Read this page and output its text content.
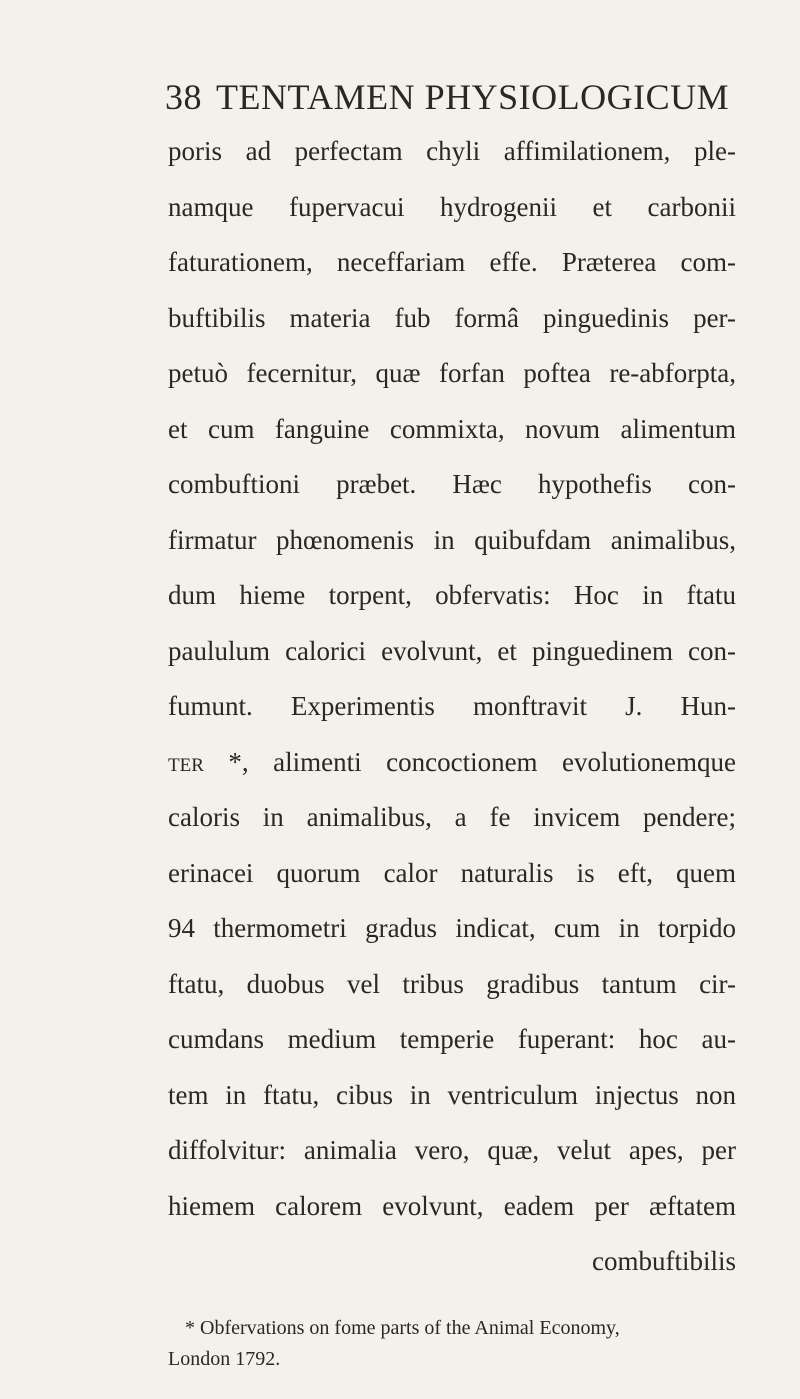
38 TENTAMEN PHYSIOLOGICUM
poris ad perfectam chyli affimilationem, ple-
namque fupervacui hydrogenii et carbonii
faturationem, neceffariam effe. Præterea com-
buftibilis materia fub formâ pinguedinis per-
petuò fecernitur, quæ forfan poftea re-abforpta,
et cum fanguine commixta, novum alimentum
combuftioni præbet. Hæc hypothefis con-
firmatur phœnomenis in quibufdam animalibus,
dum hieme torpent, obfervatis: Hoc in ftatu
paululum calorici evolvunt, et pinguedinem con-
fumunt. Experimentis monftravit J. Hun-
ter *, alimenti concoctionem evolutionemque
caloris in animalibus, a fe invicem pendere;
erinacei quorum calor naturalis is eft, quem
94 thermometri gradus indicat, cum in torpido
ftatu, duobus vel tribus gradibus tantum cir-
cumdans medium temperie fuperant: hoc au-
tem in ftatu, cibus in ventriculum injectus non
diffolvitur: animalia vero, quæ, velut apes, per
hiemem calorem evolvunt, eadem per æftatem
combuftibilis
* Obfervations on fome parts of the Animal Economy,
London 1792.
